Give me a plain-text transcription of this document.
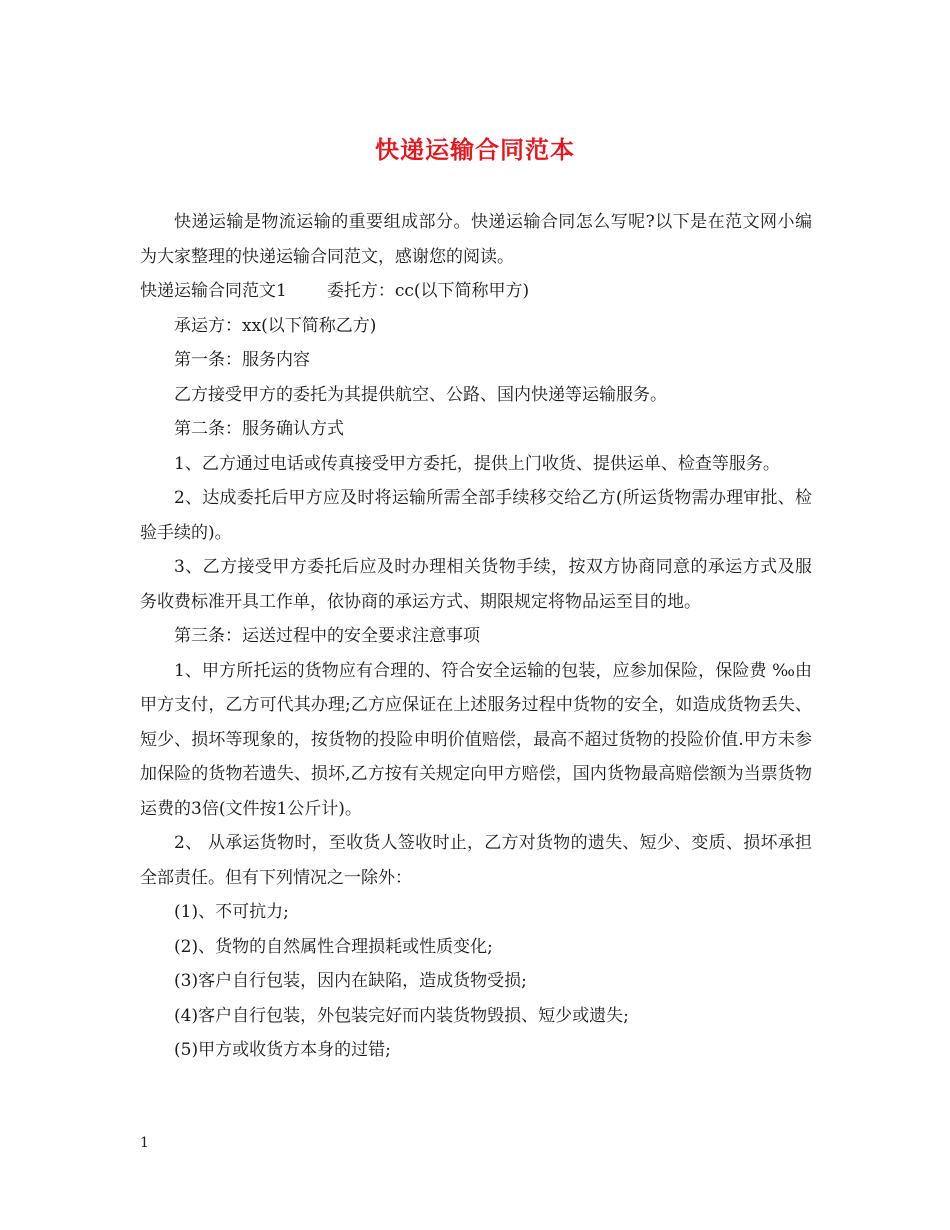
快递运输合同范本

快递运输是物流运输的重要组成部分。快递运输合同怎么写呢?以下是在范文网小编为大家整理的快递运输合同范文，感谢您的阅读。

快递运输合同范文1 委托方：cc(以下简称甲方)

承运方：xx(以下简称乙方)

第一条：服务内容

乙方接受甲方的委托为其提供航空、公路、国内快递等运输服务。

第二条：服务确认方式

1、乙方通过电话或传真接受甲方委托，提供上门收货、提供运单、检查等服务。

2、达成委托后甲方应及时将运输所需全部手续移交给乙方(所运货物需办理审批、检验手续的)。

3、乙方接受甲方委托后应及时办理相关货物手续，按双方协商同意的承运方式及服务收费标准开具工作单，依协商的承运方式、期限规定将物品运至目的地。

第三条：运送过程中的安全要求注意事项

1、甲方所托运的货物应有合理的、符合安全运输的包装，应参加保险，保险费 ‰由甲方支付，乙方可代其办理;乙方应保证在上述服务过程中货物的安全，如造成货物丢失、短少、损坏等现象的，按货物的投险申明价值赔偿，最高不超过货物的投险价值.甲方未参加保险的货物若遗失、损坏,乙方按有关规定向甲方赔偿，国内货物最高赔偿额为当票货物运费的3倍(文件按1公斤计)。

2、 从承运货物时，至收货人签收时止，乙方对货物的遗失、短少、变质、损坏承担全部责任。但有下列情况之一除外：

(1)、不可抗力;

(2)、货物的自然属性合理损耗或性质变化;

(3)客户自行包装，因内在缺陷，造成货物受损;

(4)客户自行包装，外包装完好而内装货物毁损、短少或遗失;

(5)甲方或收货方本身的过错;

1
